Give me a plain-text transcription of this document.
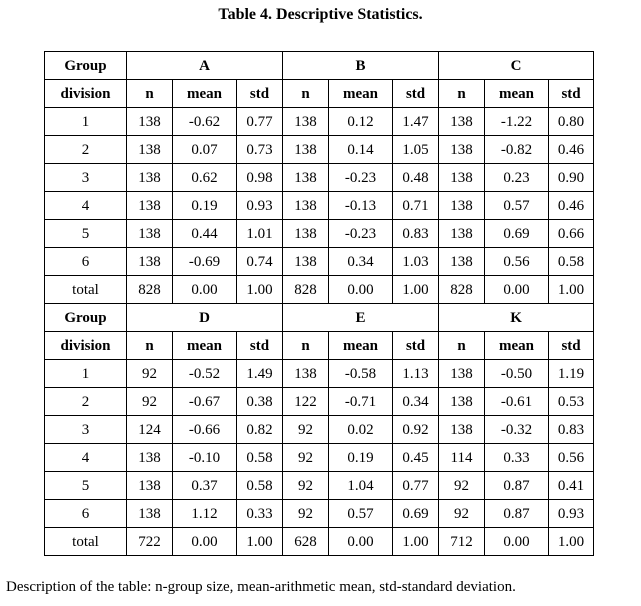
Table 4. Descriptive Statistics.
Group	A			B			C		
division	n	mean	std	n	mean	std	n	mean	std
1	138	-0.62	0.77	138	0.12	1.47	138	-1.22	0.80
2	138	0.07	0.73	138	0.14	1.05	138	-0.82	0.46
3	138	0.62	0.98	138	-0.23	0.48	138	0.23	0.90
4	138	0.19	0.93	138	-0.13	0.71	138	0.57	0.46
5	138	0.44	1.01	138	-0.23	0.83	138	0.69	0.66
6	138	-0.69	0.74	138	0.34	1.03	138	0.56	0.58
total	828	0.00	1.00	828	0.00	1.00	828	0.00	1.00
Group	D			E			K		
division	n	mean	std	n	mean	std	n	mean	std
1	92	-0.52	1.49	138	-0.58	1.13	138	-0.50	1.19
2	92	-0.67	0.38	122	-0.71	0.34	138	-0.61	0.53
3	124	-0.66	0.82	92	0.02	0.92	138	-0.32	0.83
4	138	-0.10	0.58	92	0.19	0.45	114	0.33	0.56
5	138	0.37	0.58	92	1.04	0.77	92	0.87	0.41
6	138	1.12	0.33	92	0.57	0.69	92	0.87	0.93
total	722	0.00	1.00	628	0.00	1.00	712	0.00	1.00
Description of the table: n-group size, mean-arithmetic mean, std-standard deviation.
